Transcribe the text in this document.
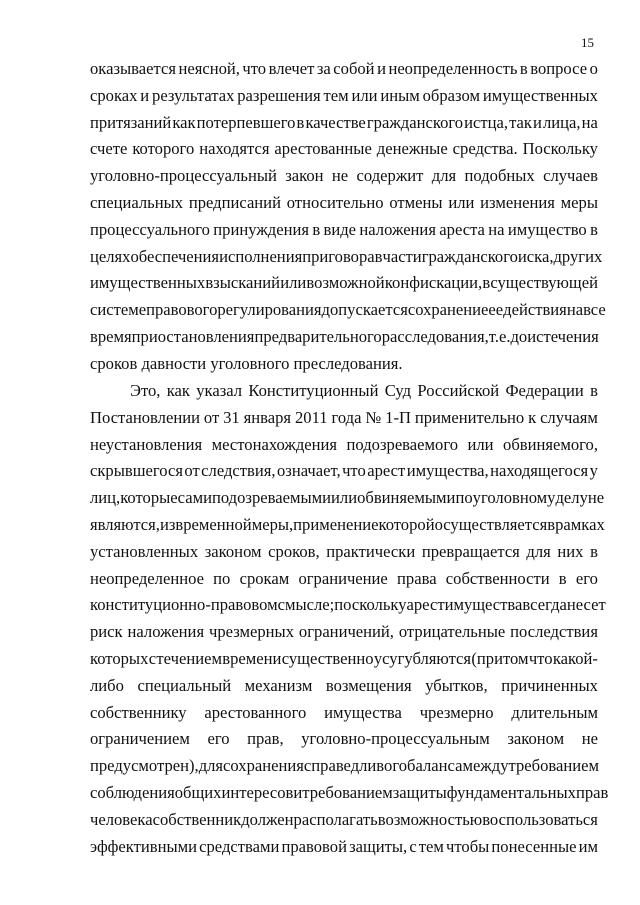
15
оказывается неясной, что влечет за собой и неопределенность в вопросе о
сроках и результатах разрешения тем или иным образом имущественных
притязаний как потерпевшего в качестве гражданского истца, так и лица, на
счете которого находятся арестованные денежные средства. Поскольку
уголовно-процессуальный закон не содержит для подобных случаев
специальных предписаний относительно отмены или изменения меры
процессуального принуждения в виде наложения ареста на имущество в
целях обеспечения исполнения приговора в части гражданского иска, других
имущественных взысканий или возможной конфискации, в существующей
системе правового регулирования допускается сохранение ее действия на все
время приостановления предварительного расследования, т.е. до истечения
сроков давности уголовного преследования.
Это, как указал Конституционный Суд Российской Федерации в
Постановлении от 31 января 2011 года № 1-П применительно к случаям
неустановления местонахождения подозреваемого или обвиняемого,
скрывшегося от следствия, означает, что арест имущества, находящегося у
лиц, которые сами подозреваемыми или обвиняемыми по уголовному делу не
являются, из временной меры, применение которой осуществляется в рамках
установленных законом сроков, практически превращается для них в
неопределенное по срокам ограничение права собственности в его
конституционно-правовом смысле; поскольку арест имущества всегда несет
риск наложения чрезмерных ограничений, отрицательные последствия
которых с течением времени существенно усугубляются (притом что какой-
либо специальный механизм возмещения убытков, причиненных
собственнику арестованного имущества чрезмерно длительным
ограничением его прав, уголовно-процессуальным законом не
предусмотрен), для сохранения справедливого баланса между требованием
соблюдения общих интересов и требованием защиты фундаментальных прав
человека собственник должен располагать возможностью воспользоваться
эффективными средствами правовой защиты, с тем чтобы понесенные им
